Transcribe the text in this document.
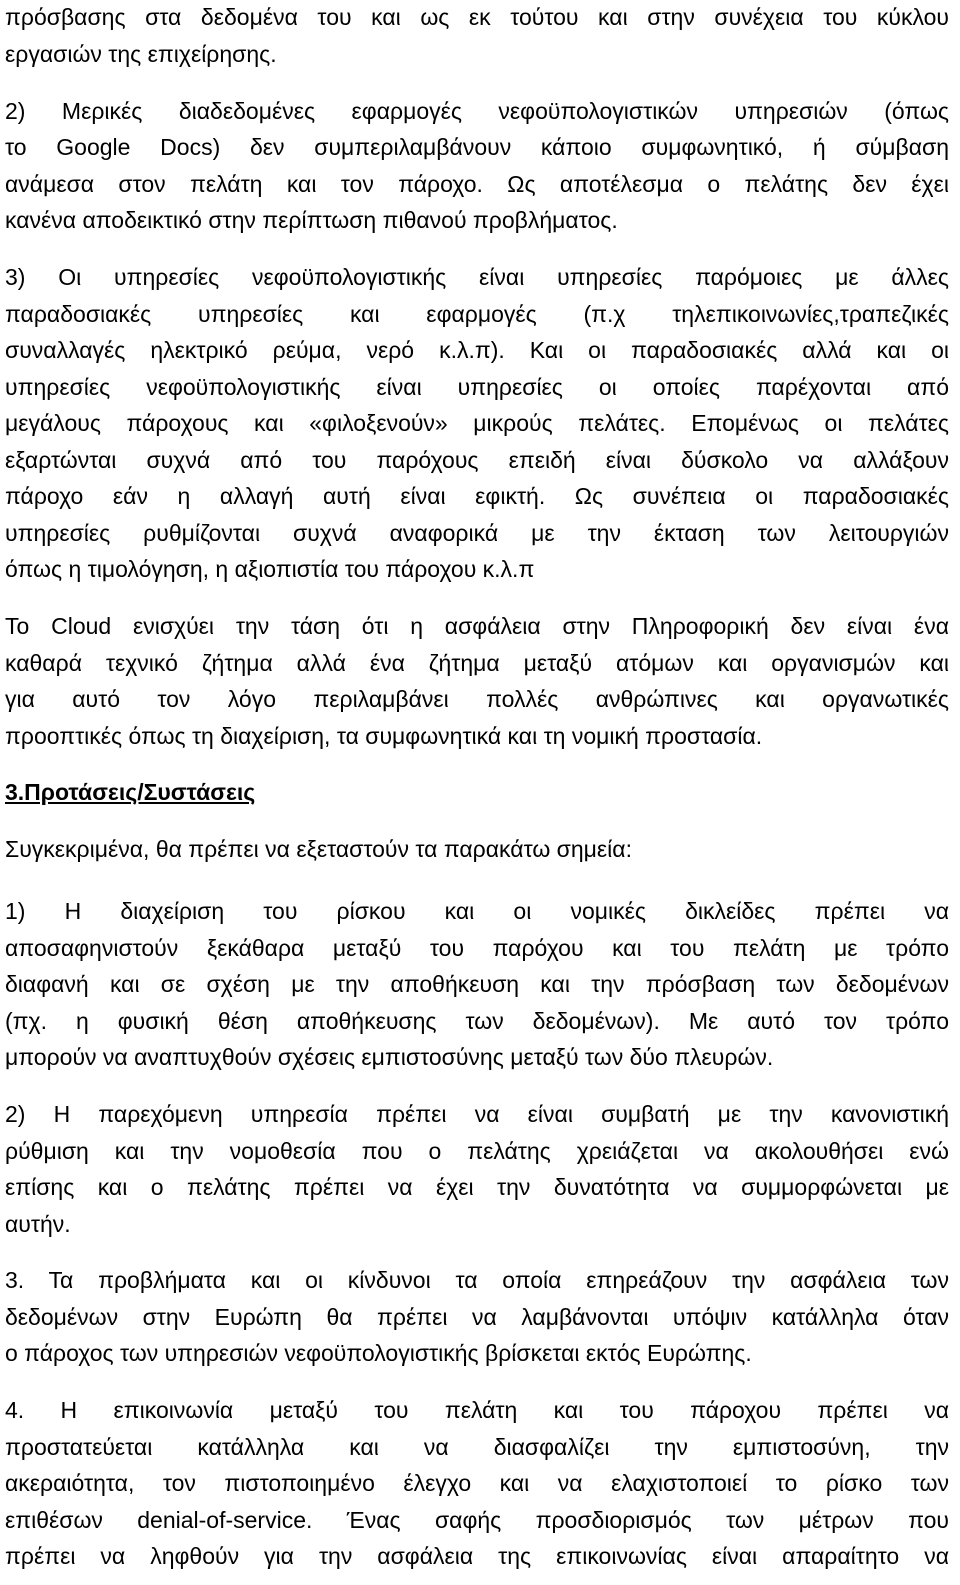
πρόσβασης στα δεδομένα του και ως εκ τούτου και στην συνέχεια του κύκλου
εργασιών της επιχείρησης.
2) Μερικές διαδεδομένες εφαρμογές νεφοϋπολογιστικών υπηρεσιών (όπως
το Google Docs) δεν συμπεριλαμβάνουν κάποιο συμφωνητικό, ή σύμβαση
ανάμεσα στον πελάτη και τον πάροχο. Ως αποτέλεσμα ο πελάτης δεν έχει
κανένα αποδεικτικό στην περίπτωση πιθανού προβλήματος.
3) Οι υπηρεσίες νεφοϋπολογιστικής είναι υπηρεσίες παρόμοιες με άλλες
παραδοσιακές υπηρεσίες και εφαρμογές (π.χ τηλεπικοινωνίες,τραπεζικές
συναλλαγές ηλεκτρικό ρεύμα, νερό κ.λ.π). Και οι παραδοσιακές αλλά και οι
υπηρεσίες νεφοϋπολογιστικής είναι υπηρεσίες οι οποίες παρέχονται από
μεγάλους πάροχους και «φιλοξενούν» μικρούς πελάτες. Επομένως οι πελάτες
εξαρτώνται συχνά από του παρόχους επειδή είναι δύσκολο να αλλάξουν
πάροχο εάν η αλλαγή αυτή είναι εφικτή. Ως συνέπεια οι παραδοσιακές
υπηρεσίες ρυθμίζονται συχνά αναφορικά με την έκταση των λειτουργιών
όπως η τιμολόγηση, η αξιοπιστία του πάροχου κ.λ.π
Το Cloud ενισχύει την τάση ότι η ασφάλεια στην Πληροφορική δεν είναι ένα
καθαρά τεχνικό ζήτημα αλλά ένα ζήτημα μεταξύ ατόμων και οργανισμών και
για αυτό τον λόγο περιλαμβάνει πολλές ανθρώπινες και οργανωτικές
προοπτικές όπως τη διαχείριση, τα συμφωνητικά και τη νομική προστασία.
3.Προτάσεις/Συστάσεις
Συγκεκριμένα, θα πρέπει να εξεταστούν τα παρακάτω σημεία:
1) Η διαχείριση του ρίσκου και οι νομικές δικλείδες πρέπει να
αποσαφηνιστούν ξεκάθαρα μεταξύ του παρόχου και του πελάτη με τρόπο
διαφανή και σε σχέση με την αποθήκευση και την πρόσβαση των δεδομένων
(πχ. η φυσική θέση αποθήκευσης των δεδομένων). Με αυτό τον τρόπο
μπορούν να αναπτυχθούν σχέσεις εμπιστοσύνης μεταξύ των δύο πλευρών.
2) Η παρεχόμενη υπηρεσία πρέπει να είναι συμβατή με την κανονιστική
ρύθμιση και την νομοθεσία που ο πελάτης χρειάζεται να ακολουθήσει ενώ
επίσης και ο πελάτης πρέπει να έχει την δυνατότητα να συμμορφώνεται με
αυτήν.
3. Τα προβλήματα και οι κίνδυνοι τα οποία επηρεάζουν την ασφάλεια των
δεδομένων στην Ευρώπη θα πρέπει να λαμβάνονται υπόψιν κατάλληλα όταν
ο πάροχος των υπηρεσιών νεφοϋπολογιστικής βρίσκεται εκτός Ευρώπης.
4. Η επικοινωνία μεταξύ του πελάτη και του πάροχου πρέπει να
προστατεύεται κατάλληλα και να διασφαλίζει την εμπιστοσύνη, την
ακεραιότητα, τον πιστοποιημένο έλεγχο και να ελαχιστοποιεί το ρίσκο των
επιθέσων denial-of-service. Ένας σαφής προσδιορισμός των μέτρων που
πρέπει να ληφθούν για την ασφάλεια της επικοινωνίας είναι απαραίτητο να
